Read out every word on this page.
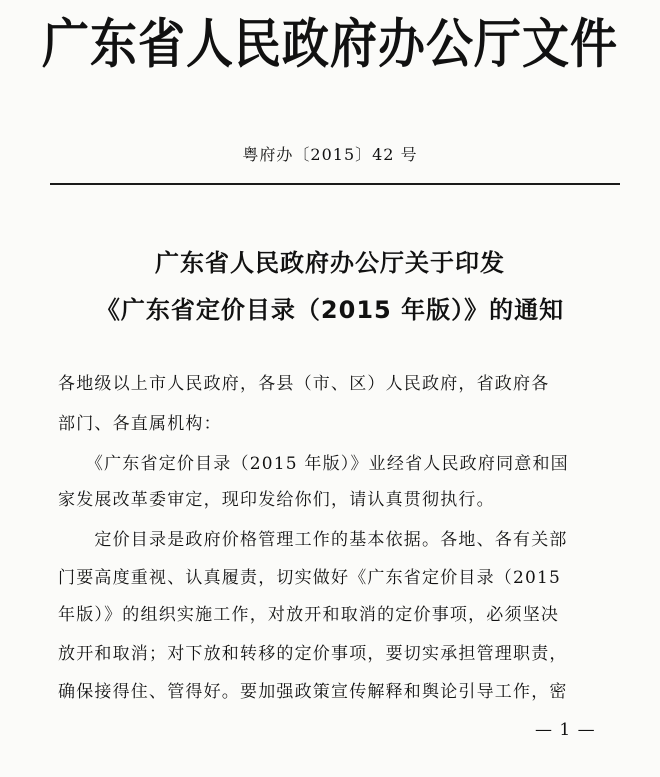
广东省人民政府办公厅文件
粤府办〔2015〕42 号
广东省人民政府办公厅关于印发
《广东省定价目录（2015 年版）》的通知
各地级以上市人民政府，各县（市、区）人民政府，省政府各
部门、各直属机构：
　　《广东省定价目录（2015 年版）》业经省人民政府同意和国
家发展改革委审定，现印发给你们，请认真贯彻执行。
　　定价目录是政府价格管理工作的基本依据。各地、各有关部
门要高度重视、认真履责，切实做好《广东省定价目录（2015
年版）》的组织实施工作，对放开和取消的定价事项，必须坚决
放开和取消；对下放和转移的定价事项，要切实承担管理职责，
确保接得住、管得好。要加强政策宣传解释和舆论引导工作，密
— 1 —
